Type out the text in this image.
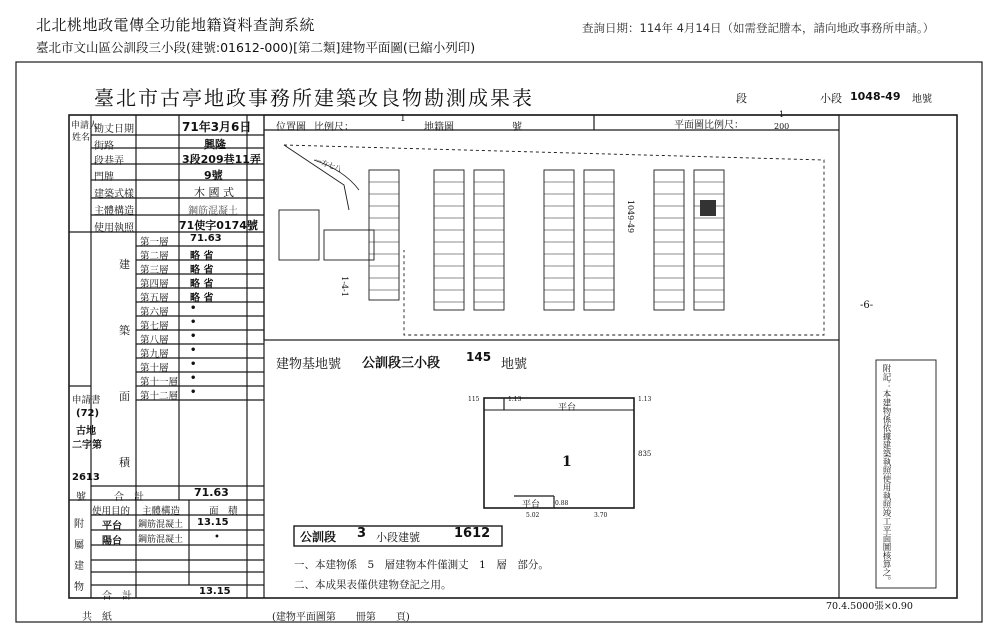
北北桃地政電傳全功能地籍資料查詢系統
臺北市文山區公訓段三小段(建號:01612-000)[第二類]建物平面圖(已縮小列印)
查詢日期：114年 4月14日（如需登記謄本，請向地政事務所申請。）
臺北市古亭地政事務所建築改良物勘測成果表	段	小段 1048-49 地號
申請人
姓名
勘丈日期	71年3月6日
街路	興隆
段巷弄	3段209巷11弄
門牌	9號
建築式樣	木 國 式
主體構造	鋼筋混凝土
使用執照	71使字0174號
建
築
面
積
第一層 71.63
第二層 略 省
第三層 略 省
第四層 略 省
第五層 略 省
第六層 •
第七層 •
第八層 •
第九層 •
第十層 •
第十一層 •
第十二層 •
申請書
(72)
古地
二字第
2613
號	合　計	71.63
附
屬
建
物
使用目的 主體構造	面　積
平台 鋼筋混凝土 13.15
陽台 鋼筋混凝土	•
合　計	13.15
位置圖 比例尺：
1
地籍圖	號	平面圖比例尺：
1
200
一方七八
1-4-1
1049-49
建物基地號 公訓段三小段 145 地號
1
平台
平台
115	1.13	1.13
835
5.02	3.70
0.88
公訓段 3 小段建號	1612
一、本建物係　5　層建物本件僅測丈　1　層　部分。
二、本成果表僅供建物登記之用。	附記：本建物係依據建築執照使用執照竣工平面圖核算之。
-6-
共　紙	(建物平面圖第　　冊第　　頁)
70.4.5000張×0.90
